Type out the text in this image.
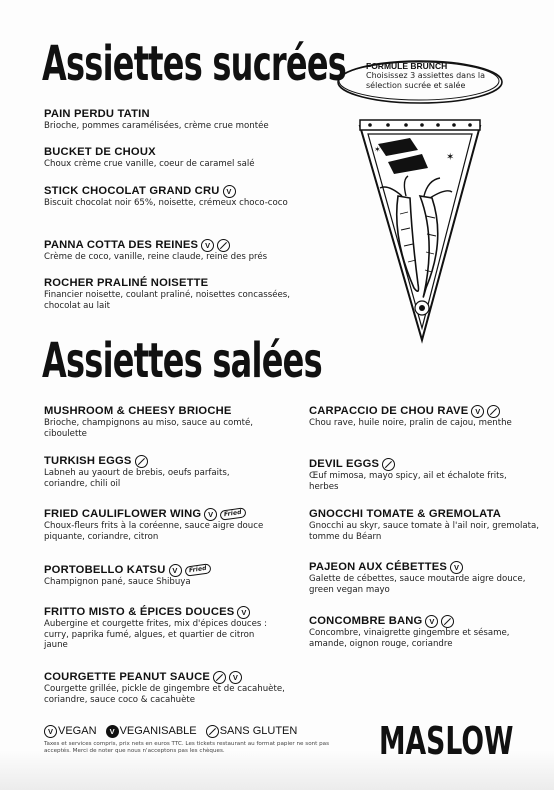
Assiettes sucrées
PAIN PERDU TATIN
Brioche, pommes caramélisées, crème crue montée
BUCKET DE CHOUX
Choux crème crue vanille, coeur de caramel salé
STICK CHOCOLAT GRAND CRU V
Biscuit chocolat noir 65%, noisette, crémeux choco-coco
PANNA COTTA DES REINES V
Crème de coco, vanille, reine claude, reine des prés
ROCHER PRALINÉ NOISETTE
Financier noisette, coulant praliné, noisettes concassées, chocolat au lait
FORMULE BRUNCH
Choisissez 3 assiettes dans la sélection sucrée et salée
✶
✶
Assiettes salées
MUSHROOM & CHEESY BRIOCHE
Brioche, champignons au miso, sauce au comté, ciboulette
TURKISH EGGS
Labneh au yaourt de brebis, oeufs parfaits, coriandre, chili oil
FRIED CAULIFLOWER WING V Fried
Choux-fleurs frits à la coréenne, sauce aigre douce piquante, coriandre, citron
PORTOBELLO KATSU V Fried
Champignon pané, sauce Shibuya
FRITTO MISTO & ÉPICES DOUCES V
Aubergine et courgette frites, mix d'épices douces : curry, paprika fumé, algues, et quartier de citron jaune
COURGETTE PEANUT SAUCE	V
Courgette grillée, pickle de gingembre et de cacahuète, coriandre, sauce coco & cacahuète
CARPACCIO DE CHOU RAVE V
Chou rave, huile noire, pralin de cajou, menthe
DEVIL EGGS
Œuf mimosa, mayo spicy, ail et échalote frits, herbes
GNOCCHI TOMATE & GREMOLATA
Gnocchi au skyr, sauce tomate à l'ail noir, gremolata, tomme du Béarn
PAJEON AUX CÉBETTES V
Galette de cébettes, sauce moutarde aigre douce, green vegan mayo
CONCOMBRE BANG V
Concombre, vinaigrette gingembre et sésame, amande, oignon rouge, coriandre
V VEGAN V VEGANISABLE SANS GLUTEN
Taxes et services compris, prix nets en euros TTC. Les tickets restaurant au format papier ne sont pas acceptés. Merci de noter que nous n'acceptons pas les chèques.	MASLOW
